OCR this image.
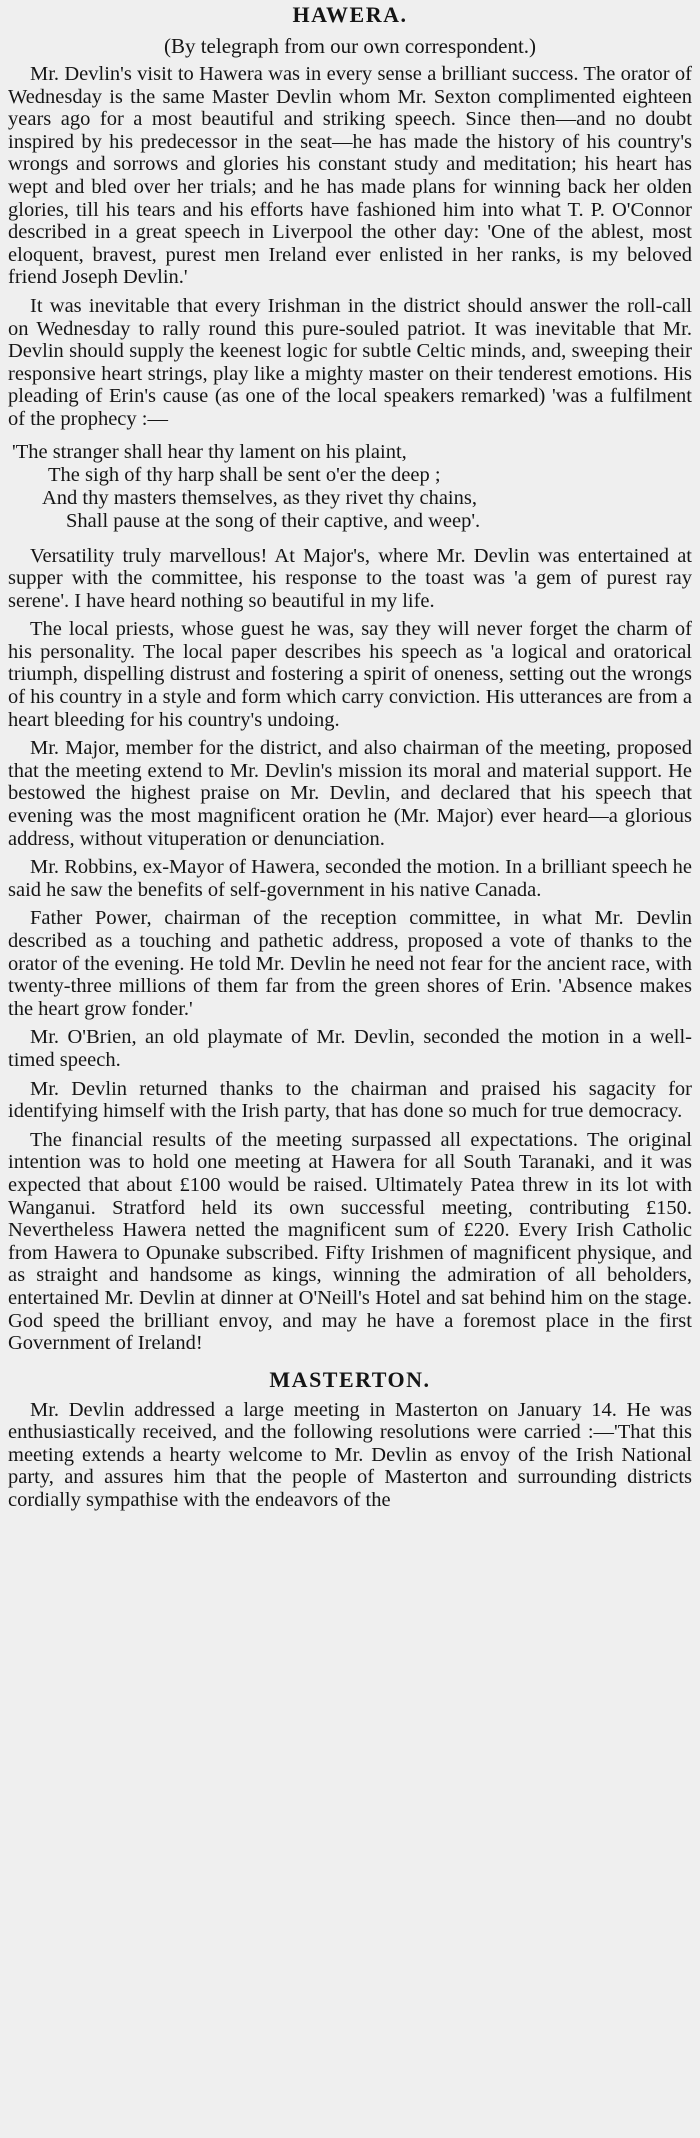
HAWERA.
(By telegraph from our own correspondent.)

Mr. Devlin's visit to Hawera was in every sense a brilliant success. The orator of Wednesday is the same Master Devlin whom Mr. Sexton complimented eighteen years ago for a most beautiful and striking speech. Since then—and no doubt inspired by his predecessor in the seat—he has made the history of his country's wrongs and sorrows and glories his constant study and meditation; his heart has wept and bled over her trials; and he has made plans for winning back her olden glories, till his tears and his efforts have fashioned him into what T. P. O'Connor described in a great speech in Liverpool the other day: 'One of the ablest, most eloquent, bravest, purest men Ireland ever enlisted in her ranks, is my beloved friend Joseph Devlin.'

It was inevitable that every Irishman in the district should answer the roll-call on Wednesday to rally round this pure-souled patriot. It was inevitable that Mr. Devlin should supply the keenest logic for subtle Celtic minds, and, sweeping their responsive heart strings, play like a mighty master on their tenderest emotions. His pleading of Erin's cause (as one of the local speakers remarked) 'was a fulfilment of the prophecy :—

'The stranger shall hear thy lament on his plaint,
The sigh of thy harp shall be sent o'er the deep ;
And thy masters themselves, as they rivet thy chains,
Shall pause at the song of their captive, and weep'.

Versatility truly marvellous! At Major's, where Mr. Devlin was entertained at supper with the committee, his response to the toast was 'a gem of purest ray serene'. I have heard nothing so beautiful in my life.

The local priests, whose guest he was, say they will never forget the charm of his personality. The local paper describes his speech as 'a logical and oratorical triumph, dispelling distrust and fostering a spirit of oneness, setting out the wrongs of his country in a style and form which carry conviction. His utterances are from a heart bleeding for his country's undoing.

Mr. Major, member for the district, and also chairman of the meeting, proposed that the meeting extend to Mr. Devlin's mission its moral and material support. He bestowed the highest praise on Mr. Devlin, and declared that his speech that evening was the most magnificent oration he (Mr. Major) ever heard—a glorious address, without vituperation or denunciation.

Mr. Robbins, ex-Mayor of Hawera, seconded the motion. In a brilliant speech he said he saw the benefits of self-government in his native Canada.

Father Power, chairman of the reception committee, in what Mr. Devlin described as a touching and pathetic address, proposed a vote of thanks to the orator of the evening. He told Mr. Devlin he need not fear for the ancient race, with twenty-three millions of them far from the green shores of Erin. 'Absence makes the heart grow fonder.'

Mr. O'Brien, an old playmate of Mr. Devlin, seconded the motion in a well-timed speech.

Mr. Devlin returned thanks to the chairman and praised his sagacity for identifying himself with the Irish party, that has done so much for true democracy.

The financial results of the meeting surpassed all expectations. The original intention was to hold one meeting at Hawera for all South Taranaki, and it was expected that about £100 would be raised. Ultimately Patea threw in its lot with Wanganui. Stratford held its own successful meeting, contributing £150. Nevertheless Hawera netted the magnificent sum of £220. Every Irish Catholic from Hawera to Opunake subscribed. Fifty Irishmen of magnificent physique, and as straight and handsome as kings, winning the admiration of all beholders, entertained Mr. Devlin at dinner at O'Neill's Hotel and sat behind him on the stage. God speed the brilliant envoy, and may he have a foremost place in the first Government of Ireland!

MASTERTON.

Mr. Devlin addressed a large meeting in Masterton on January 14. He was enthusiastically received, and the following resolutions were carried :—'That this meeting extends a hearty welcome to Mr. Devlin as envoy of the Irish National party, and assures him that the people of Masterton and surrounding districts cordially sympathise with the endeavors of the
